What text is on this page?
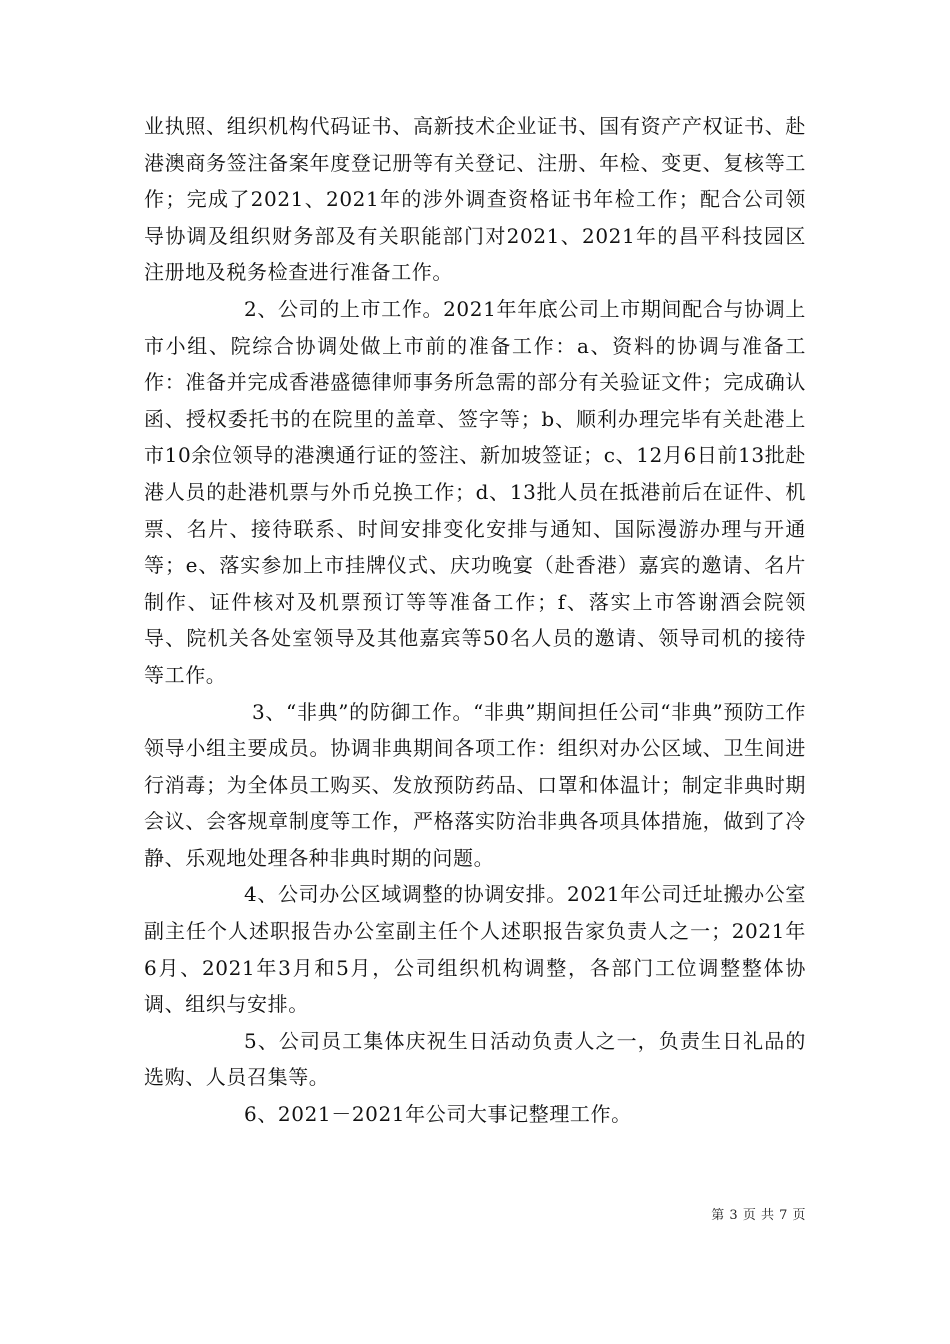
业执照、组织机构代码证书、高新技术企业证书、国有资产产权证书、赴港澳商务签注备案年度登记册等有关登记、注册、年检、变更、复核等工作；完成了2021、2021年的涉外调查资格证书年检工作；配合公司领导协调及组织财务部及有关职能部门对2021、2021年的昌平科技园区注册地及税务检查进行准备工作。

2、公司的上市工作。2021年年底公司上市期间配合与协调上市小组、院综合协调处做上市前的准备工作：a、资料的协调与准备工作：准备并完成香港盛德律师事务所急需的部分有关验证文件；完成确认函、授权委托书的在院里的盖章、签字等；b、顺利办理完毕有关赴港上市10余位领导的港澳通行证的签注、新加坡签证；c、12月6日前13批赴港人员的赴港机票与外币兑换工作；d、13批人员在抵港前后在证件、机票、名片、接待联系、时间安排变化安排与通知、国际漫游办理与开通等；e、落实参加上市挂牌仪式、庆功晚宴（赴香港）嘉宾的邀请、名片制作、证件核对及机票预订等等准备工作；f、落实上市答谢酒会院领导、院机关各处室领导及其他嘉宾等50名人员的邀请、领导司机的接待等工作。

3、“非典”的防御工作。“非典”期间担任公司“非典”预防工作领导小组主要成员。协调非典期间各项工作：组织对办公区域、卫生间进行消毒；为全体员工购买、发放预防药品、口罩和体温计；制定非典时期会议、会客规章制度等工作，严格落实防治非典各项具体措施，做到了冷静、乐观地处理各种非典时期的问题。

4、公司办公区域调整的协调安排。2021年公司迁址搬办公室副主任个人述职报告办公室副主任个人述职报告家负责人之一；2021年6月、2021年3月和5月，公司组织机构调整，各部门工位调整整体协调、组织与安排。

5、公司员工集体庆祝生日活动负责人之一，负责生日礼品的选购、人员召集等。

6、2021－2021年公司大事记整理工作。

第 3 页 共 7 页
